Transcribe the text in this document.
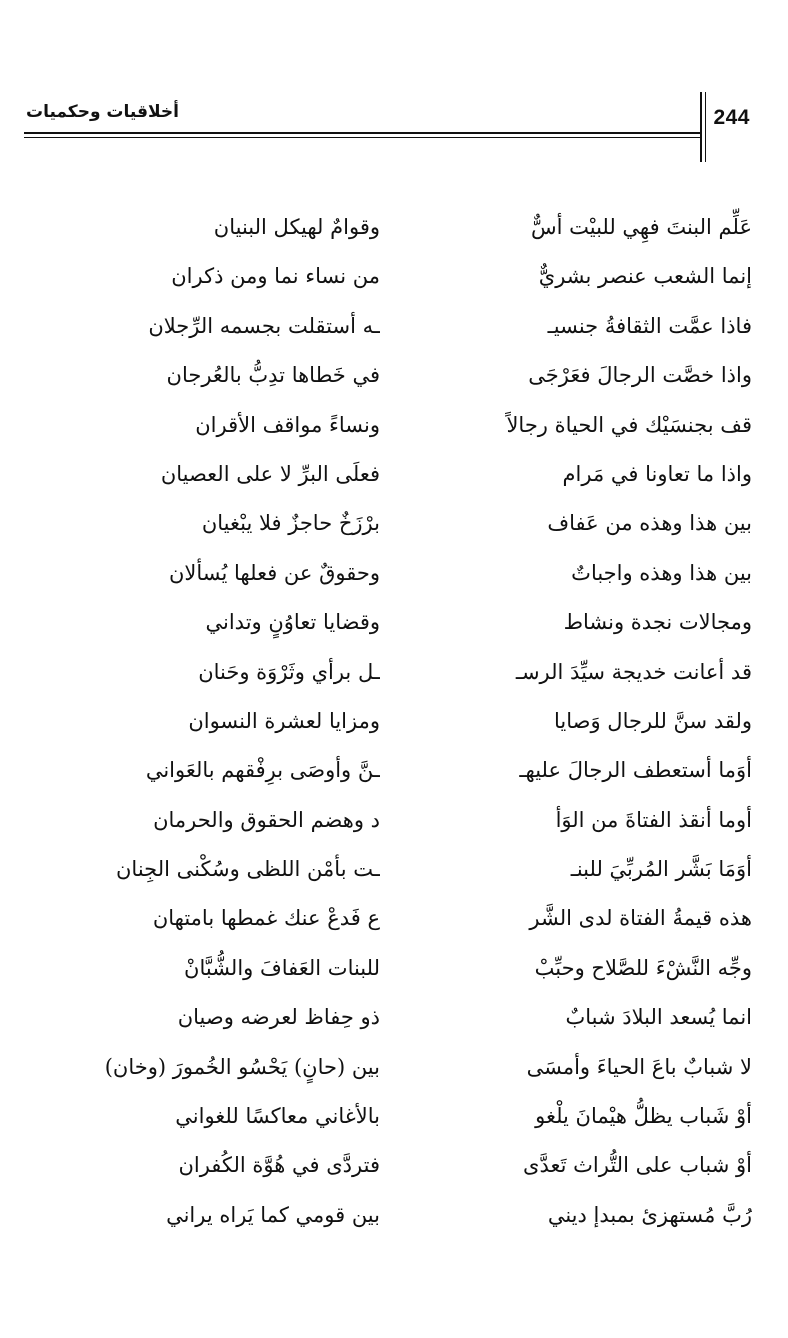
244
أخلاقيات وحكميات
عَلِّم البنتَ فهِي للبيْت أسٌّ
وقوامٌ لهيكل البنيان
إنما الشعب عنصر بشريٌّ
من نساء نما ومن ذكران
فاذا عمَّت الثقافةُ جنسيـ
ـه أستقلت بجسمه الرِّجلان
واذا خصَّت الرجالَ فعَرْجَى
في خَطاها تدِبُّ بالعُرجان
قف بجنسَيْك في الحياة رجالاً
ونساءً مواقف الأقران
واذا ما تعاونا في مَرام
فعلَى البرِّ لا على العصيان
بين هذا وهذه من عَفاف
برْزَخٌ حاجزٌ فلا يبْغيان
بين هذا وهذه واجباتٌ
وحقوقٌ عن فعلها يُسألان
ومجالات نجدة ونشاط
وقضايا تعاوُنٍ وتداني
قد أعانت خديجة سيِّدَ الرسـ
ـل برأي وثَرْوَة وحَنان
ولقد سنَّ للرجال وَصايا
ومزايا لعشرة النسوان
أوَما أستعطف الرجالَ عليهـ
ـنَّ وأوصَى برِفْقهم بالعَواني
أوما أنقذ الفتاةَ من الوَأ
د وهضم الحقوق والحرمان
أوَمَا بَشَّر المُربِّيَ للبنـ
ـت بأمْن اللظى وسُكْنى الجِنان
هذه قيمةُ الفتاة لدى الشَّر
ع فَدعْ عنك غمطها بامتهان
وجِّه النَّشْءَ للصَّلاح وحبِّبْ
للبنات العَفافَ والشُّبَّانْ
انما يُسعد البلادَ شبابٌ
ذو حِفاظ لعرضه وصيان
لا شبابٌ باعَ الحياءَ وأمسَى
بين (حانٍ) يَحْسُو الخُمورَ (وخان)
أوْ شَباب يظلُّ هيْمانَ يلْغو
بالأغاني معاكسًا للغواني
أوْ شباب على التُّراث تَعدَّى
فتردَّى في هُوَّة الكُفران
رُبَّ مُستهزئ بمبدإ ديني
بين قومي كما يَراه يراني
